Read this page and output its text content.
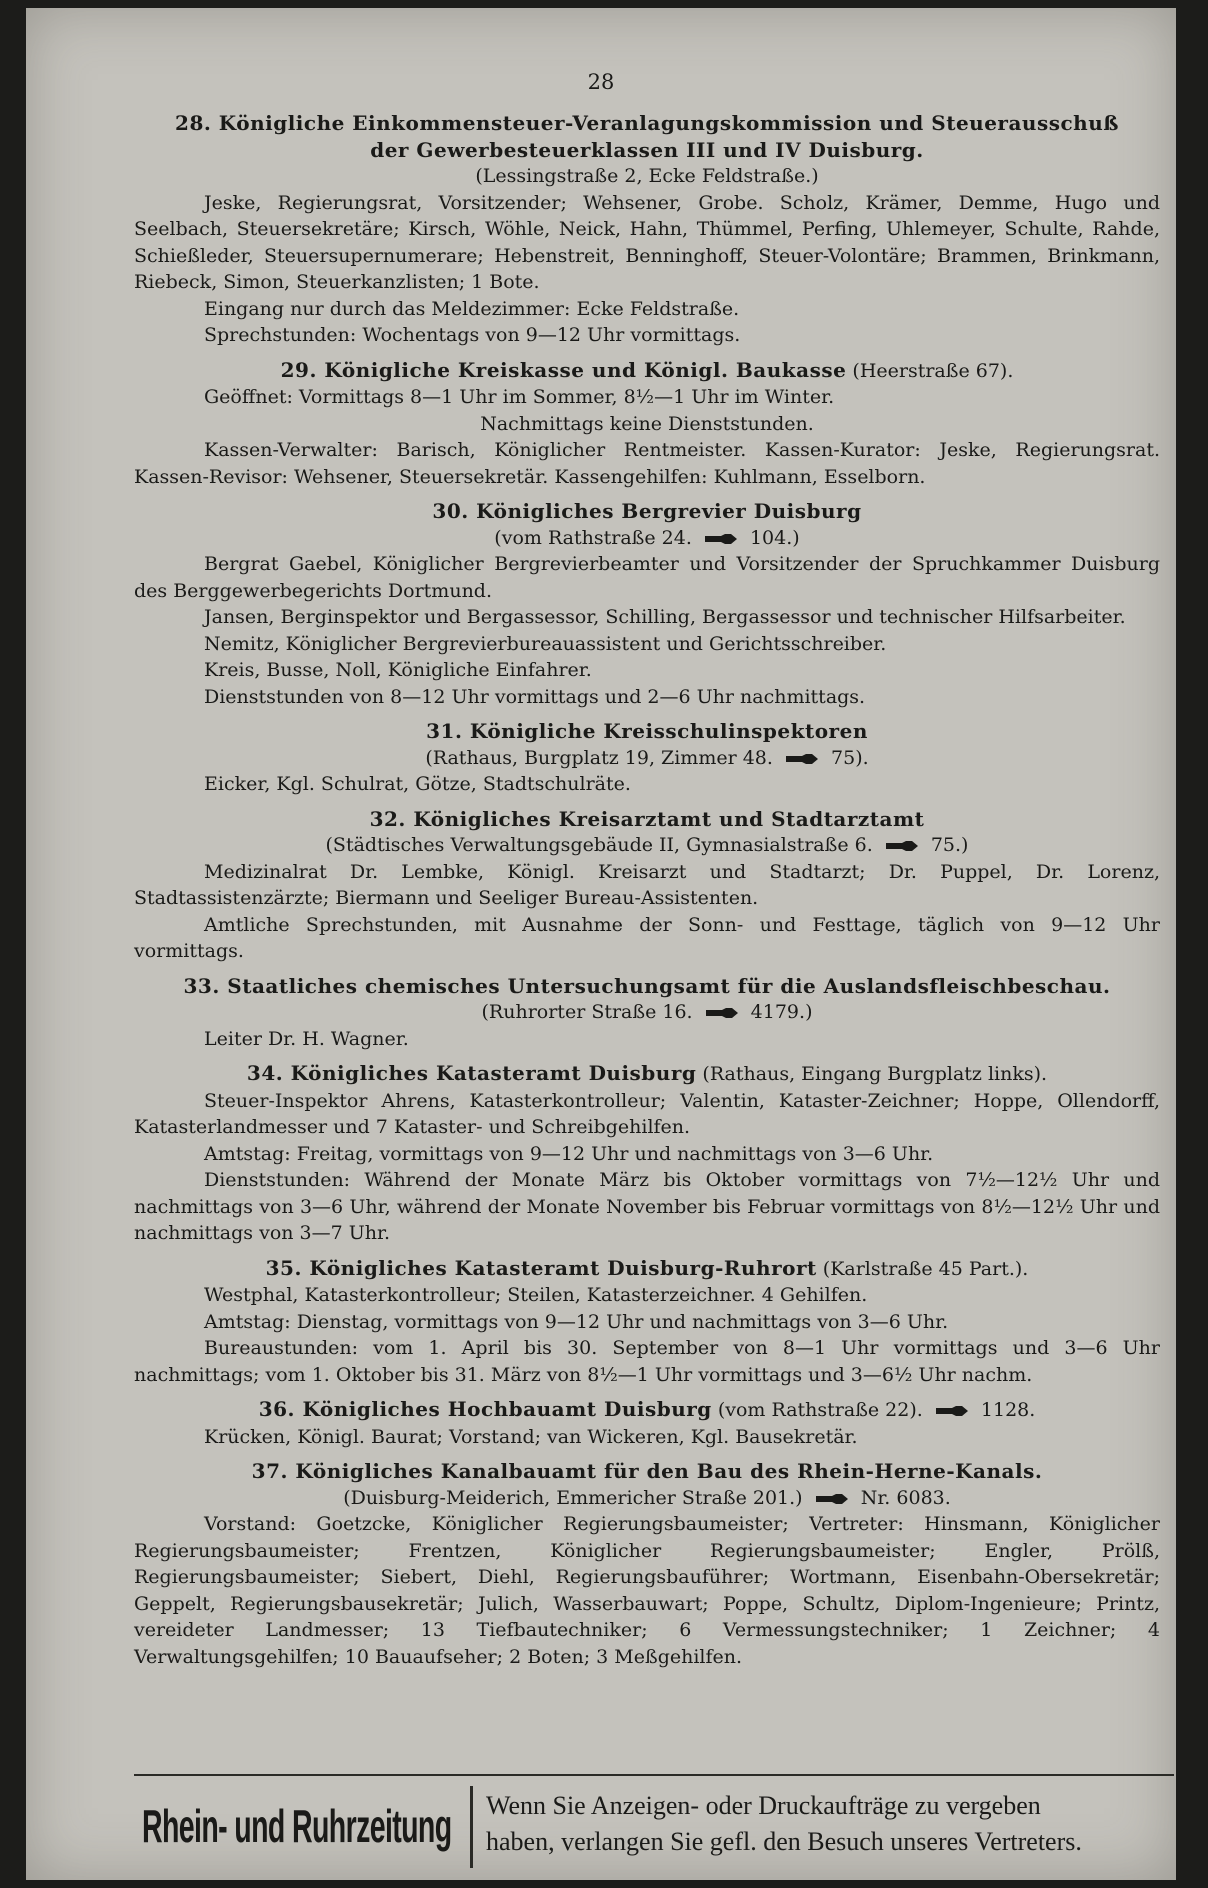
28

28. Königliche Einkommensteuer-Veranlagungskommission und Steuerausschuß

der Gewerbesteuerklassen III und IV Duisburg.

(Lessingstraße 2, Ecke Feldstraße.)

Jeske, Regierungsrat, Vorsitzender; Wehsener, Grobe. Scholz, Krämer, Demme, Hugo und Seelbach, Steuersekretäre; Kirsch, Wöhle, Neick, Hahn, Thümmel, Perfing, Uhlemeyer, Schulte, Rahde, Schießleder, Steuersupernumerare; Hebenstreit, Benninghoff, Steuer-Volontäre; Brammen, Brinkmann, Riebeck, Simon, Steuerkanzlisten; 1 Bote.

Eingang nur durch das Meldezimmer: Ecke Feldstraße.

Sprechstunden: Wochentags von 9—12 Uhr vormittags.

29. Königliche Kreiskasse und Königl. Baukasse (Heerstraße 67).

Geöffnet: Vormittags 8—1 Uhr im Sommer, 8½—1 Uhr im Winter.

Nachmittags keine Dienststunden.

Kassen-Verwalter: Barisch, Königlicher Rentmeister. Kassen-Kurator: Jeske, Regierungsrat. Kassen-Revisor: Wehsener, Steuersekretär. Kassengehilfen: Kuhlmann, Esselborn.

30. Königliches Bergrevier Duisburg

(vom Rathstraße 24.	104.)

Bergrat Gaebel, Königlicher Bergrevierbeamter und Vorsitzender der Spruchkammer Duisburg des Berggewerbegerichts Dortmund.

Jansen, Berginspektor und Bergassessor, Schilling, Bergassessor und technischer Hilfsarbeiter.

Nemitz, Königlicher Bergrevierbureauassistent und Gerichtsschreiber.

Kreis, Busse, Noll, Königliche Einfahrer.

Dienststunden von 8—12 Uhr vormittags und 2—6 Uhr nachmittags.

31. Königliche Kreisschulinspektoren

(Rathaus, Burgplatz 19, Zimmer 48.	75).

Eicker, Kgl. Schulrat, Götze, Stadtschulräte.

32. Königliches Kreisarztamt und Stadtarztamt

(Städtisches Verwaltungsgebäude II, Gymnasialstraße 6.	75.)

Medizinalrat Dr. Lembke, Königl. Kreisarzt und Stadtarzt; Dr. Puppel, Dr. Lorenz, Stadtassistenzärzte; Biermann und Seeliger Bureau-Assistenten.

Amtliche Sprechstunden, mit Ausnahme der Sonn- und Festtage, täglich von 9—12 Uhr vormittags.

33. Staatliches chemisches Untersuchungsamt für die Auslandsfleischbeschau.

(Ruhrorter Straße 16.	4179.)

Leiter Dr. H. Wagner.

34. Königliches Katasteramt Duisburg (Rathaus, Eingang Burgplatz links).

Steuer-Inspektor Ahrens, Katasterkontrolleur; Valentin, Kataster-Zeichner; Hoppe, Ollendorff, Katasterlandmesser und 7 Kataster- und Schreibgehilfen.

Amtstag: Freitag, vormittags von 9—12 Uhr und nachmittags von 3—6 Uhr.

Dienststunden: Während der Monate März bis Oktober vormittags von 7½—12½ Uhr und nachmittags von 3—6 Uhr, während der Monate November bis Februar vormittags von 8½—12½ Uhr und nachmittags von 3—7 Uhr.

35. Königliches Katasteramt Duisburg-Ruhrort (Karlstraße 45 Part.).

Westphal, Katasterkontrolleur; Steilen, Katasterzeichner. 4 Gehilfen.

Amtstag: Dienstag, vormittags von 9—12 Uhr und nachmittags von 3—6 Uhr.

Bureaustunden: vom 1. April bis 30. September von 8—1 Uhr vormittags und 3—6 Uhr nachmittags; vom 1. Oktober bis 31. März von 8½—1 Uhr vormittags und 3—6½ Uhr nachm.

36. Königliches Hochbauamt Duisburg (vom Rathstraße 22).	1128.

Krücken, Königl. Baurat; Vorstand; van Wickeren, Kgl. Bausekretär.

37. Königliches Kanalbauamt für den Bau des Rhein-Herne-Kanals.

(Duisburg-Meiderich, Emmericher Straße 201.)	Nr. 6083.

Vorstand: Goetzcke, Königlicher Regierungsbaumeister; Vertreter: Hinsmann, Königlicher Regierungsbaumeister; Frentzen, Königlicher Regierungsbaumeister; Engler, Prölß, Regierungsbaumeister; Siebert, Diehl, Regierungsbauführer; Wortmann, Eisenbahn-Obersekretär; Geppelt, Regierungsbausekretär; Julich, Wasserbauwart; Poppe, Schultz, Diplom-Ingenieure; Printz, vereideter Landmesser; 13 Tiefbautechniker; 6 Vermessungstechniker; 1 Zeichner; 4 Verwaltungsgehilfen; 10 Bauaufseher; 2 Boten; 3 Meßgehilfen.

Rhein- und Ruhrzeitung Wenn Sie Anzeigen- oder Druckaufträge zu vergeben
haben, verlangen Sie gefl. den Besuch unseres Vertreters.
